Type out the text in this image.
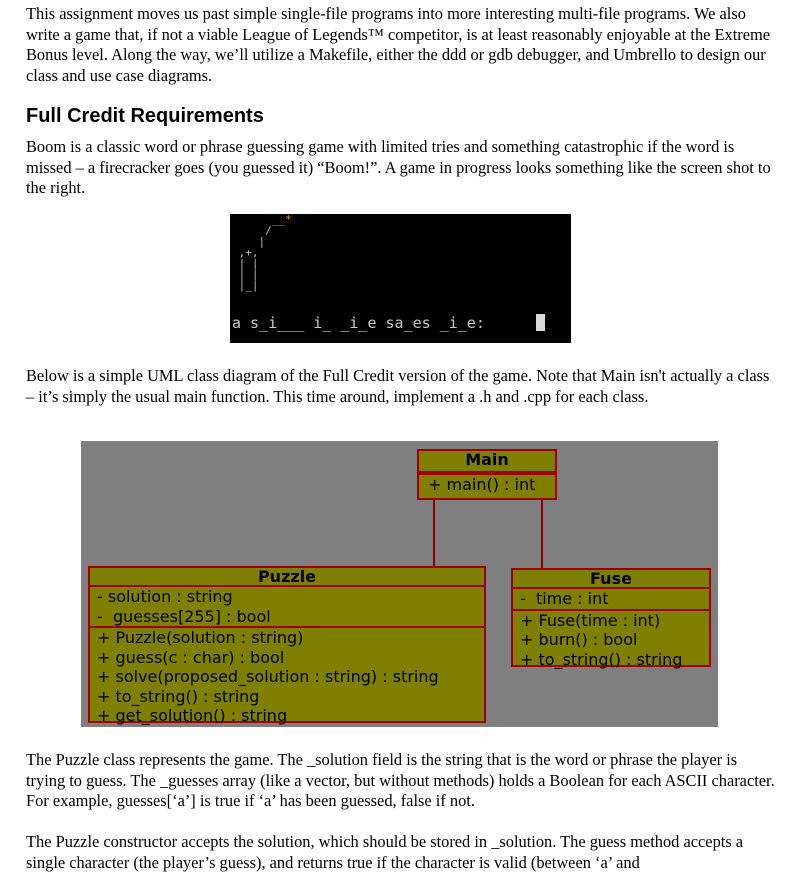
This assignment moves us past simple single-file programs into more interesting multi-file programs. We also write a game that, if not a viable League of Legends™ competitor, is at least reasonably enjoyable at the Extreme Bonus level. Along the way, we’ll utilize a Makefile, either the ddd or gdb debugger, and Umbrello to design our class and use case diagrams.

Full Credit Requirements

Boom is a classic word or phrase guessing game with limited tries and something catastrophic if the word is missed – a firecracker goes (you guessed it) “Boom!”. A game in progress looks something like the screen shot to the right.

__*
/
|
,+,
| |
| |
|_|
a s_i___ i_ _i_e sa_es _i_e:

Below is a simple UML class diagram of the Full Credit version of the game. Note that Main isn't actually a class – it’s simply the usual main function. This time around, implement a .h and .cpp for each class.

Main
+ main() : int
Puzzle
- solution : string
-  guesses[255] : bool
+ Puzzle(solution : string)
+ guess(c : char) : bool
+ solve(proposed_solution : string) : string
+ to_string() : string
+ get_solution() : string
Fuse
-  time : int
+ Fuse(time : int)
+ burn() : bool
+ to_string() : string

The Puzzle class represents the game. The _solution field is the string that is the word or phrase the player is trying to guess. The _guesses array (like a vector, but without methods) holds a Boolean for each ASCII character. For example, guesses[‘a’] is true if ‘a’ has been guessed, false if not.

The Puzzle constructor accepts the solution, which should be stored in _solution. The guess method accepts a single character (the player’s guess), and returns true if the character is valid (between ‘a’ and
